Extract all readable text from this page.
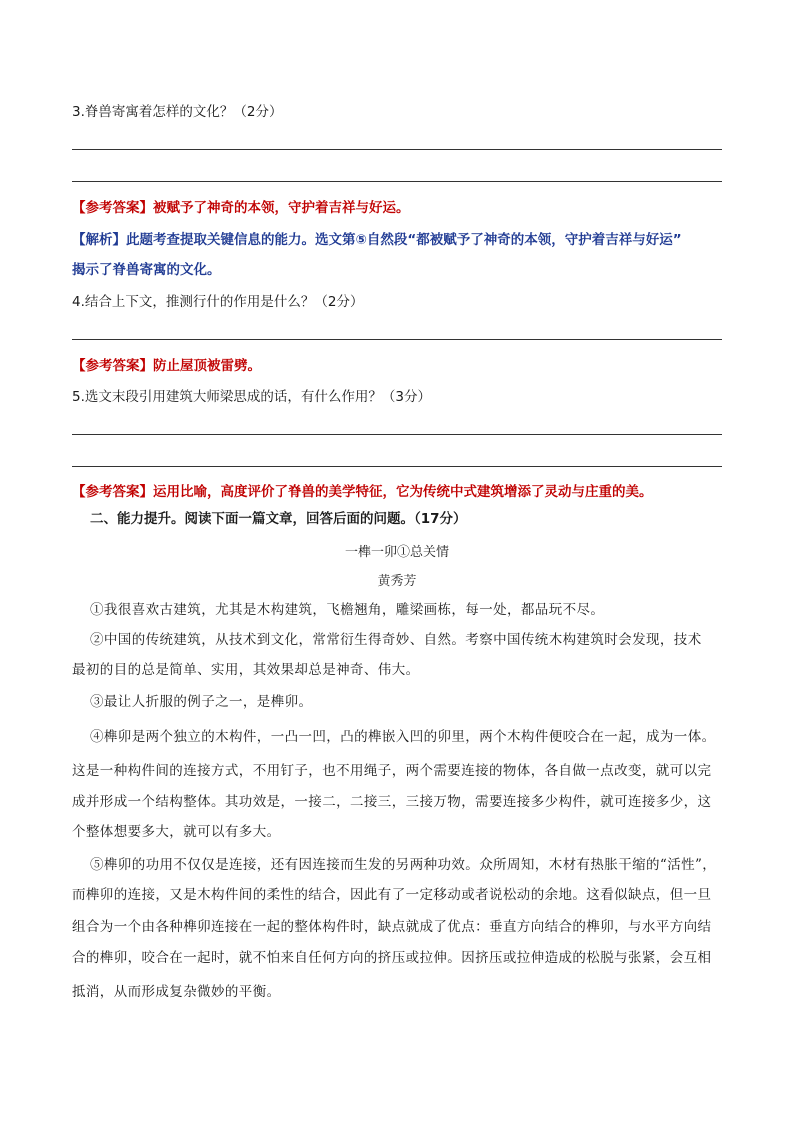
3.脊兽寄寓着怎样的文化？（2分）
【参考答案】被赋予了神奇的本领，守护着吉祥与好运。
【解析】此题考查提取关键信息的能力。选文第⑤自然段“都被赋予了神奇的本领，守护着吉祥与好运”
揭示了脊兽寄寓的文化。
4.结合上下文，推测行什的作用是什么？（2分）
【参考答案】防止屋顶被雷劈。
5.选文末段引用建筑大师梁思成的话，有什么作用？（3分）
【参考答案】运用比喻，高度评价了脊兽的美学特征，它为传统中式建筑增添了灵动与庄重的美。
二、能力提升。阅读下面一篇文章，回答后面的问题。（17分）
一榫一卯①总关情
黄秀芳
①我很喜欢古建筑，尤其是木构建筑，飞檐翘角，雕梁画栋，每一处，都品玩不尽。
②中国的传统建筑，从技术到文化，常常衍生得奇妙、自然。考察中国传统木构建筑时会发现，技术
最初的目的总是简单、实用，其效果却总是神奇、伟大。
③最让人折服的例子之一，是榫卯。
④榫卯是两个独立的木构件，一凸一凹，凸的榫嵌入凹的卯里，两个木构件便咬合在一起，成为一体。
这是一种构件间的连接方式，不用钉子，也不用绳子，两个需要连接的物体，各自做一点改变，就可以完
成并形成一个结构整体。其功效是，一接二，二接三，三接万物，需要连接多少构件，就可连接多少，这
个整体想要多大，就可以有多大。
⑤榫卯的功用不仅仅是连接，还有因连接而生发的另两种功效。众所周知，木材有热胀干缩的“活性”，
而榫卯的连接，又是木构件间的柔性的结合，因此有了一定移动或者说松动的余地。这看似缺点，但一旦
组合为一个由各种榫卯连接在一起的整体构件时，缺点就成了优点：垂直方向结合的榫卯，与水平方向结
合的榫卯，咬合在一起时，就不怕来自任何方向的挤压或拉伸。因挤压或拉伸造成的松脱与张紧，会互相
抵消，从而形成复杂微妙的平衡。
